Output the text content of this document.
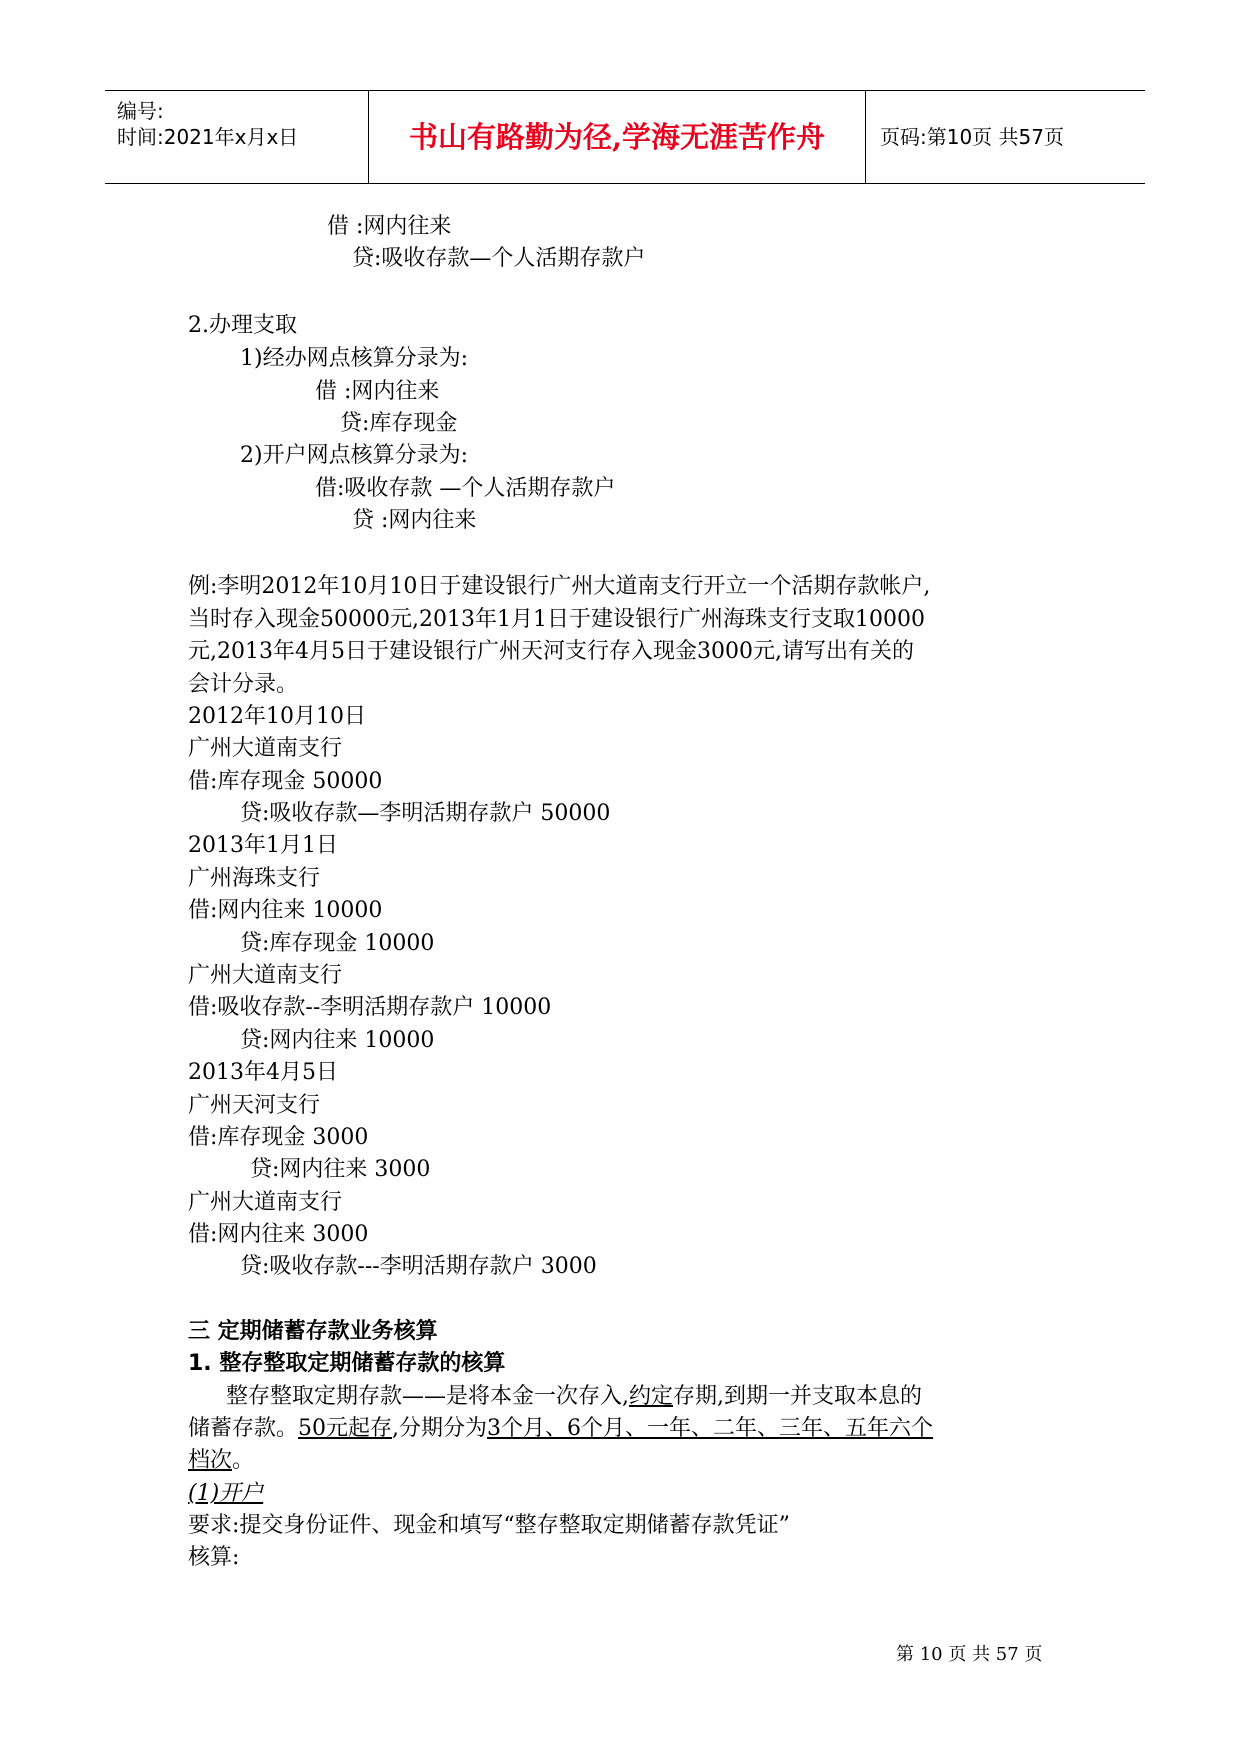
编号:
时间:2021年x月x日	书山有路勤为径,学海无涯苦作舟	页码:第10页 共57页
借 :网内往来
贷:吸收存款—个人活期存款户
2.办理支取
1)经办网点核算分录为:
借 :网内往来
贷:库存现金
2)开户网点核算分录为:
借:吸收存款 —个人活期存款户
贷 :网内往来
例:李明2012年10月10日于建设银行广州大道南支行开立一个活期存款帐户,
当时存入现金50000元,2013年1月1日于建设银行广州海珠支行支取10000
元,2013年4月5日于建设银行广州天河支行存入现金3000元,请写出有关的
会计分录。
2012年10月10日
广州大道南支行
借:库存现金 50000
贷:吸收存款—李明活期存款户 50000
2013年1月1日
广州海珠支行
借:网内往来 10000
贷:库存现金 10000
广州大道南支行
借:吸收存款--李明活期存款户 10000
贷:网内往来 10000
2013年4月5日
广州天河支行
借:库存现金 3000
贷:网内往来 3000
广州大道南支行
借:网内往来 3000
贷:吸收存款---李明活期存款户 3000
三 定期储蓄存款业务核算
1. 整存整取定期储蓄存款的核算
整存整取定期存款——是将本金一次存入,约定存期,到期一并支取本息的
储蓄存款。50元起存,分期分为3个月、6个月、一年、二年、三年、五年六个
档次。
(1)开户
要求:提交身份证件、现金和填写“整存整取定期储蓄存款凭证”
核算:
第 10 页 共 57 页
